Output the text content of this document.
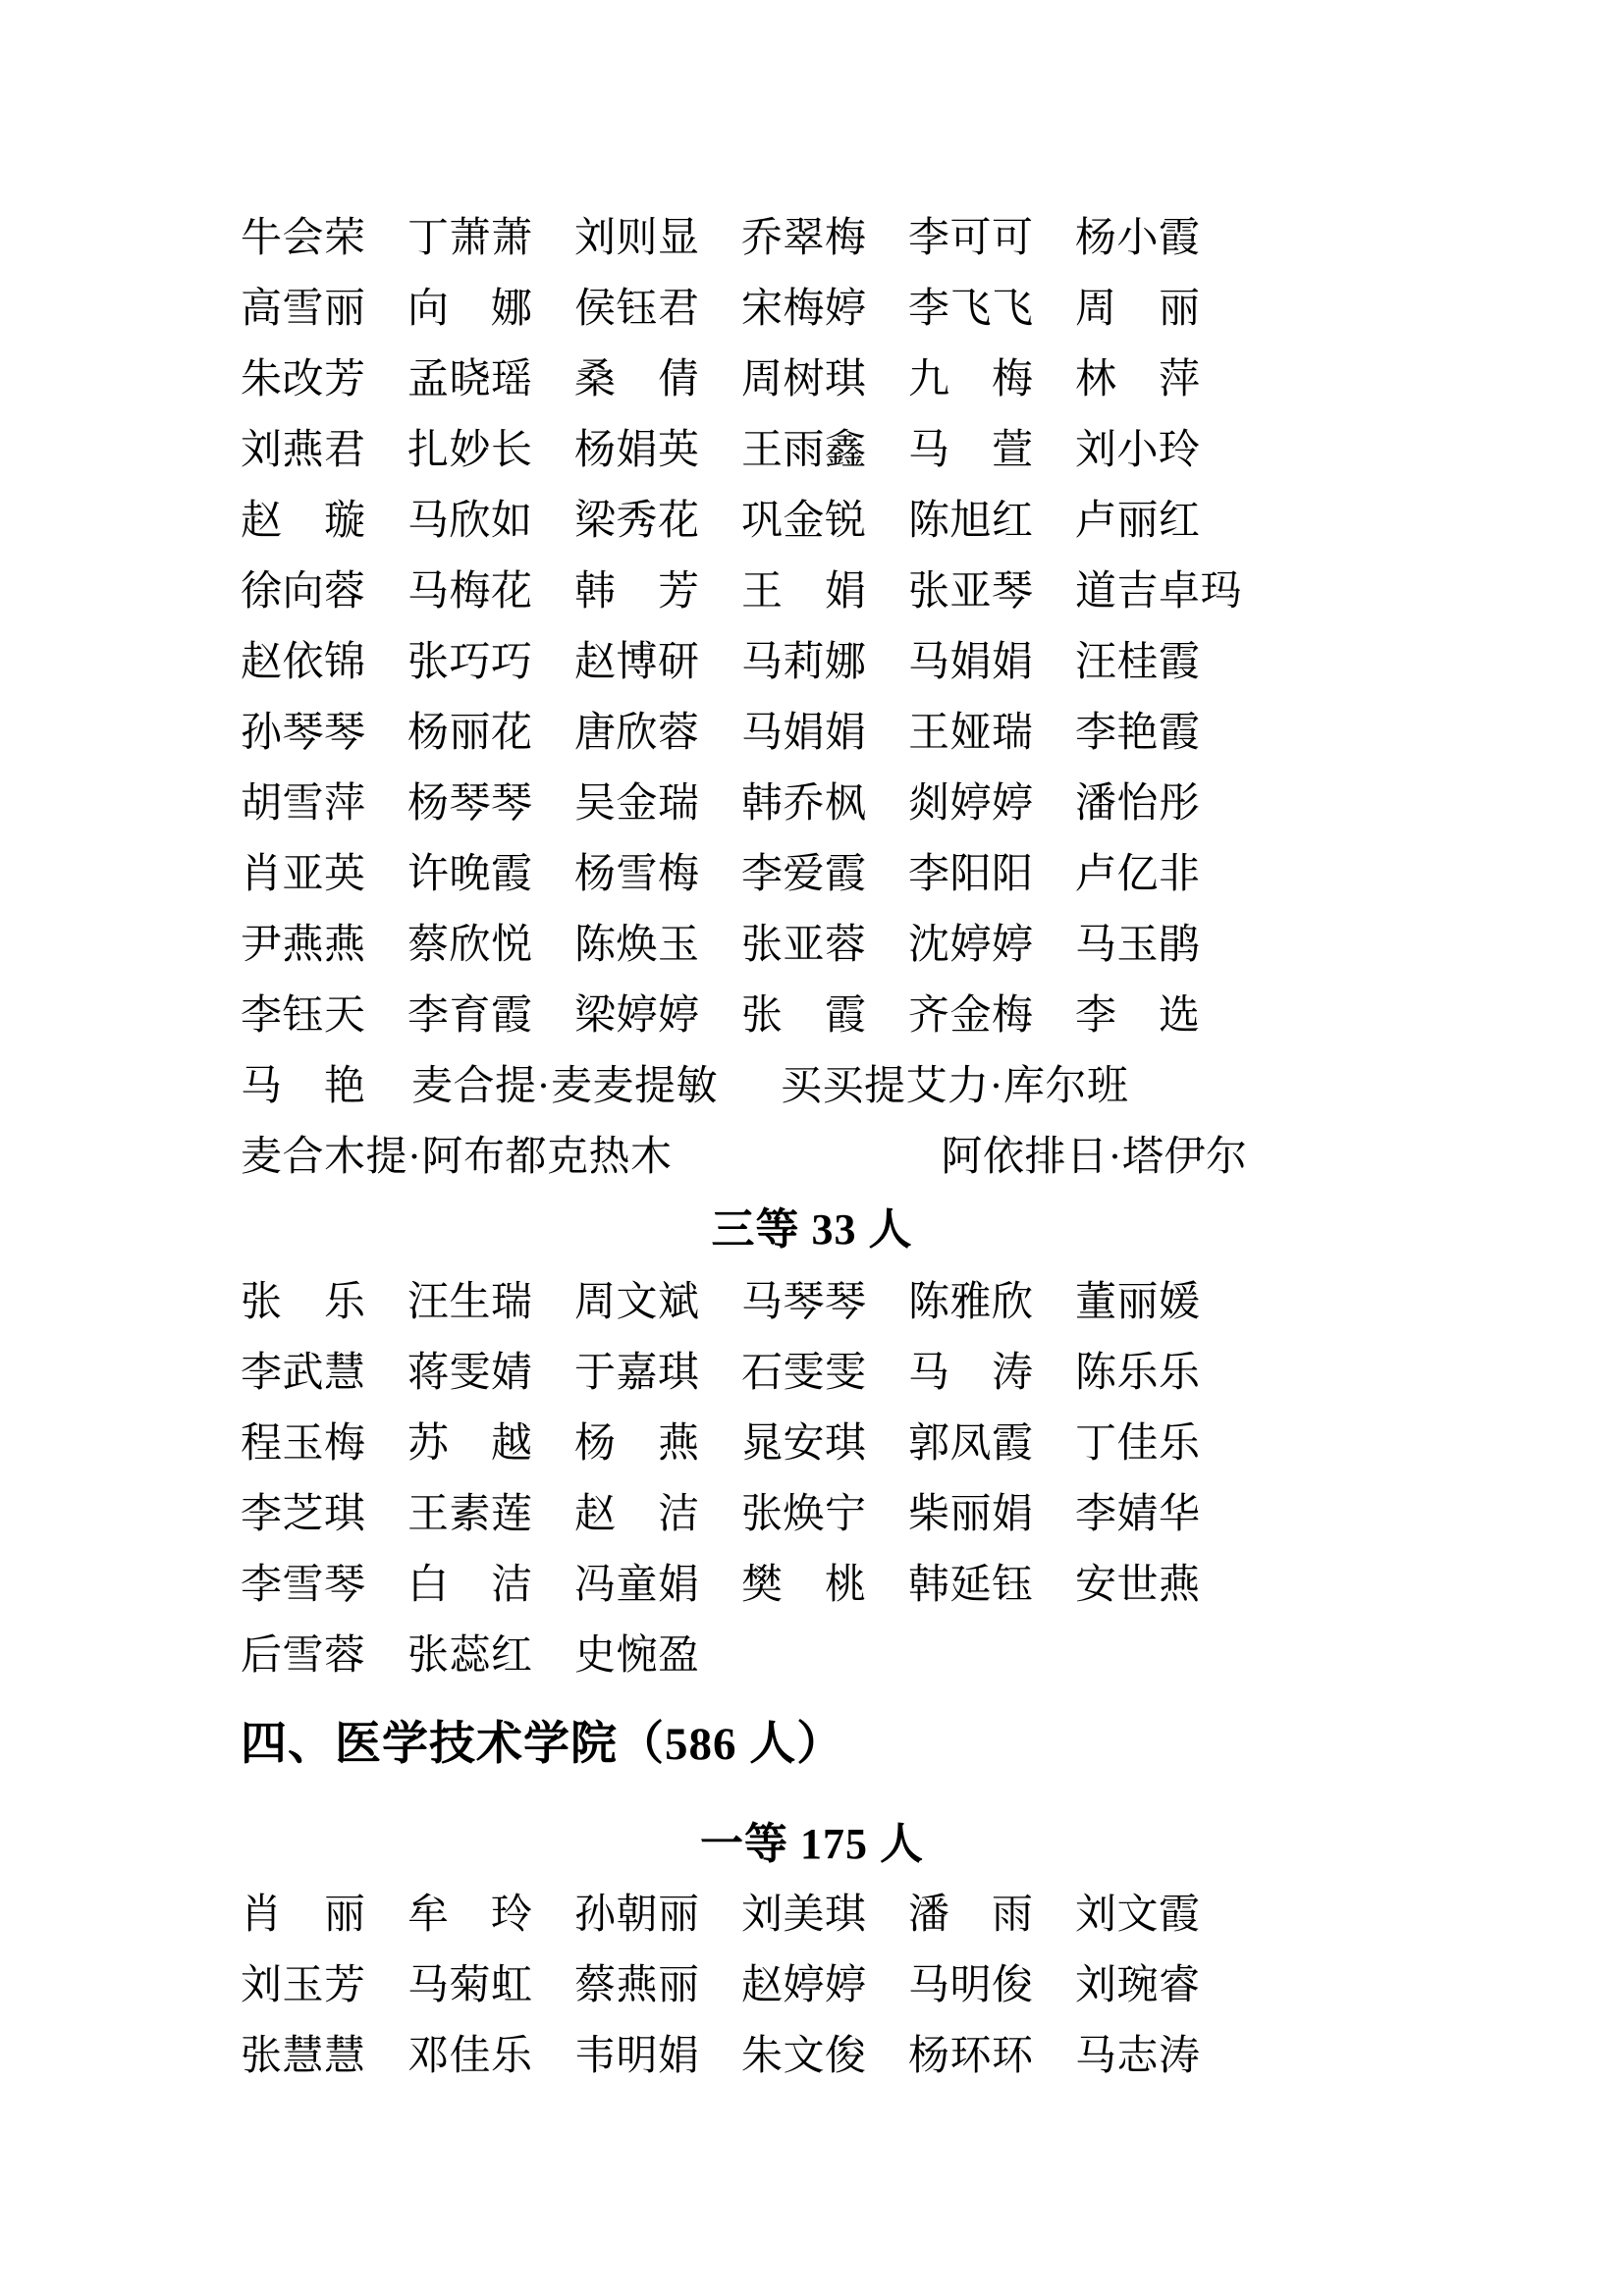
牛会荣 丁萧萧 刘则显 乔翠梅 李可可 杨小霞
高雪丽 向　娜 侯钰君 宋梅婷 李飞飞 周　丽
朱改芳 孟晓瑶 桑　倩 周树琪 九　梅 林　萍
刘燕君 扎妙长 杨娟英 王雨鑫 马　萱 刘小玲
赵　璇 马欣如 梁秀花 巩金锐 陈旭红 卢丽红
徐向蓉 马梅花 韩　芳 王　娟 张亚琴 道吉卓玛
赵依锦 张巧巧 赵博研 马莉娜 马娟娟 汪桂霞
孙琴琴 杨丽花 唐欣蓉 马娟娟 王娅瑞 李艳霞
胡雪萍 杨琴琴 吴金瑞 韩乔枫 剡婷婷 潘怡彤
肖亚英 许晚霞 杨雪梅 李爱霞 李阳阳 卢亿非
尹燕燕 蔡欣悦 陈焕玉 张亚蓉 沈婷婷 马玉鹃
李钰天 李育霞 梁婷婷 张　霞 齐金梅 李　选
马　艳 麦合提·麦麦提敏 买买提艾力·库尔班
麦合木提·阿布都克热木	阿依排日·塔伊尔
三等 33 人
张　乐 汪生瑞 周文斌 马琴琴 陈雅欣 董丽媛
李武慧 蒋雯婧 于嘉琪 石雯雯 马　涛 陈乐乐
程玉梅 苏　越 杨　燕 晁安琪 郭凤霞 丁佳乐
李芝琪 王素莲 赵　洁 张焕宁 柴丽娟 李婧华
李雪琴 白　洁 冯童娟 樊　桃 韩延钰 安世燕
后雪蓉 张蕊红 史惋盈
四、医学技术学院（586 人）
一等 175 人
肖　丽 牟　玲 孙朝丽 刘美琪 潘　雨 刘文霞
刘玉芳 马菊虹 蔡燕丽 赵婷婷 马明俊 刘琬睿
张慧慧 邓佳乐 韦明娟 朱文俊 杨环环 马志涛
